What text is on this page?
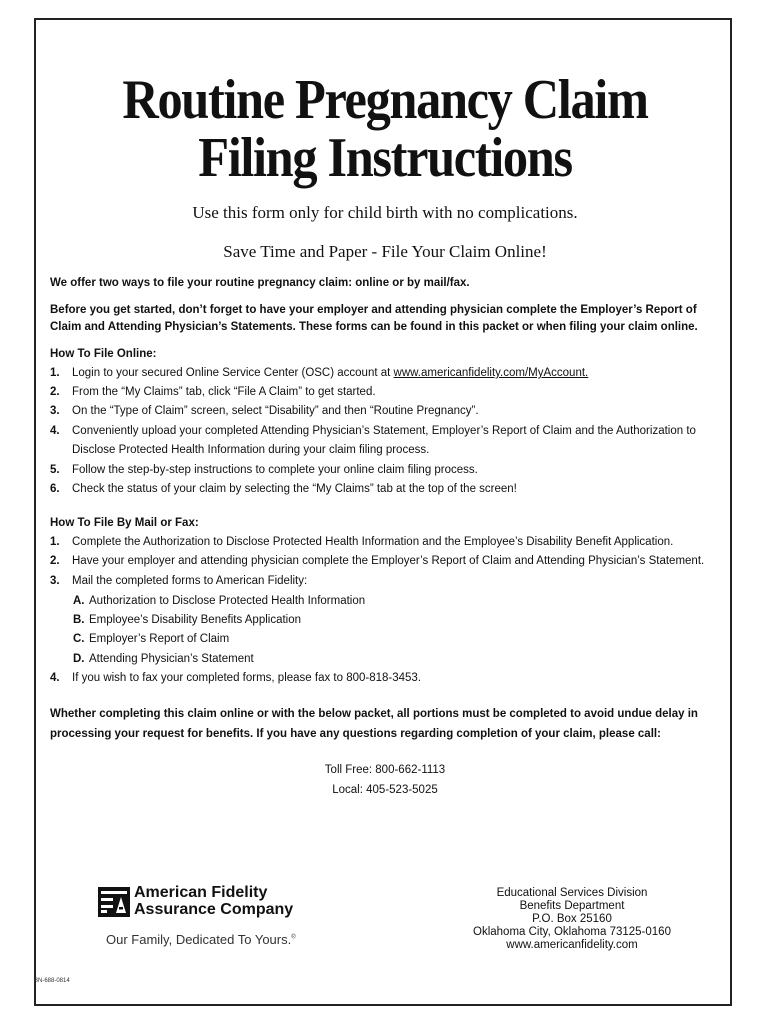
Routine Pregnancy Claim
Filing Instructions
Use this form only for child birth with no complications.
Save Time and Paper - File Your Claim Online!
We offer two ways to file your routine pregnancy claim: online or by mail/fax.
Before you get started, don’t forget to have your employer and attending physician complete the Employer’s Report of Claim and Attending Physician’s Statements. These forms can be found in this packet or when filing your claim online.
How To File Online:
1. Login to your secured Online Service Center (OSC) account at www.americanfidelity.com/MyAccount.
2. From the “My Claims” tab, click “File A Claim” to get started.
3. On the “Type of Claim” screen, select “Disability” and then “Routine Pregnancy”.
4. Conveniently upload your completed Attending Physician’s Statement, Employer’s Report of Claim and the Authorization to Disclose Protected Health Information during your claim filing process.
5. Follow the step-by-step instructions to complete your online claim filing process.
6. Check the status of your claim by selecting the “My Claims” tab at the top of the screen!
How To File By Mail or Fax:
1. Complete the Authorization to Disclose Protected Health Information and the Employee’s Disability Benefit Application.
2. Have your employer and attending physician complete the Employer’s Report of Claim and Attending Physician’s Statement.
3. Mail the completed forms to American Fidelity:
A. Authorization to Disclose Protected Health Information
B. Employee’s Disability Benefits Application
C. Employer’s Report of Claim
D. Attending Physician’s Statement
4. If you wish to fax your completed forms, please fax to 800-818-3453.
Whether completing this claim online or with the below packet, all portions must be completed to avoid undue delay in processing your request for benefits. If you have any questions regarding completion of your claim, please call:
Toll Free: 800-662-1113
Local: 405-523-5025
American Fidelity
Assurance Company
Our Family, Dedicated To Yours.®
Educational Services Division
Benefits Department
P.O. Box 25160
Oklahoma City, Oklahoma 73125-0160
www.americanfidelity.com
BN-688-0814
